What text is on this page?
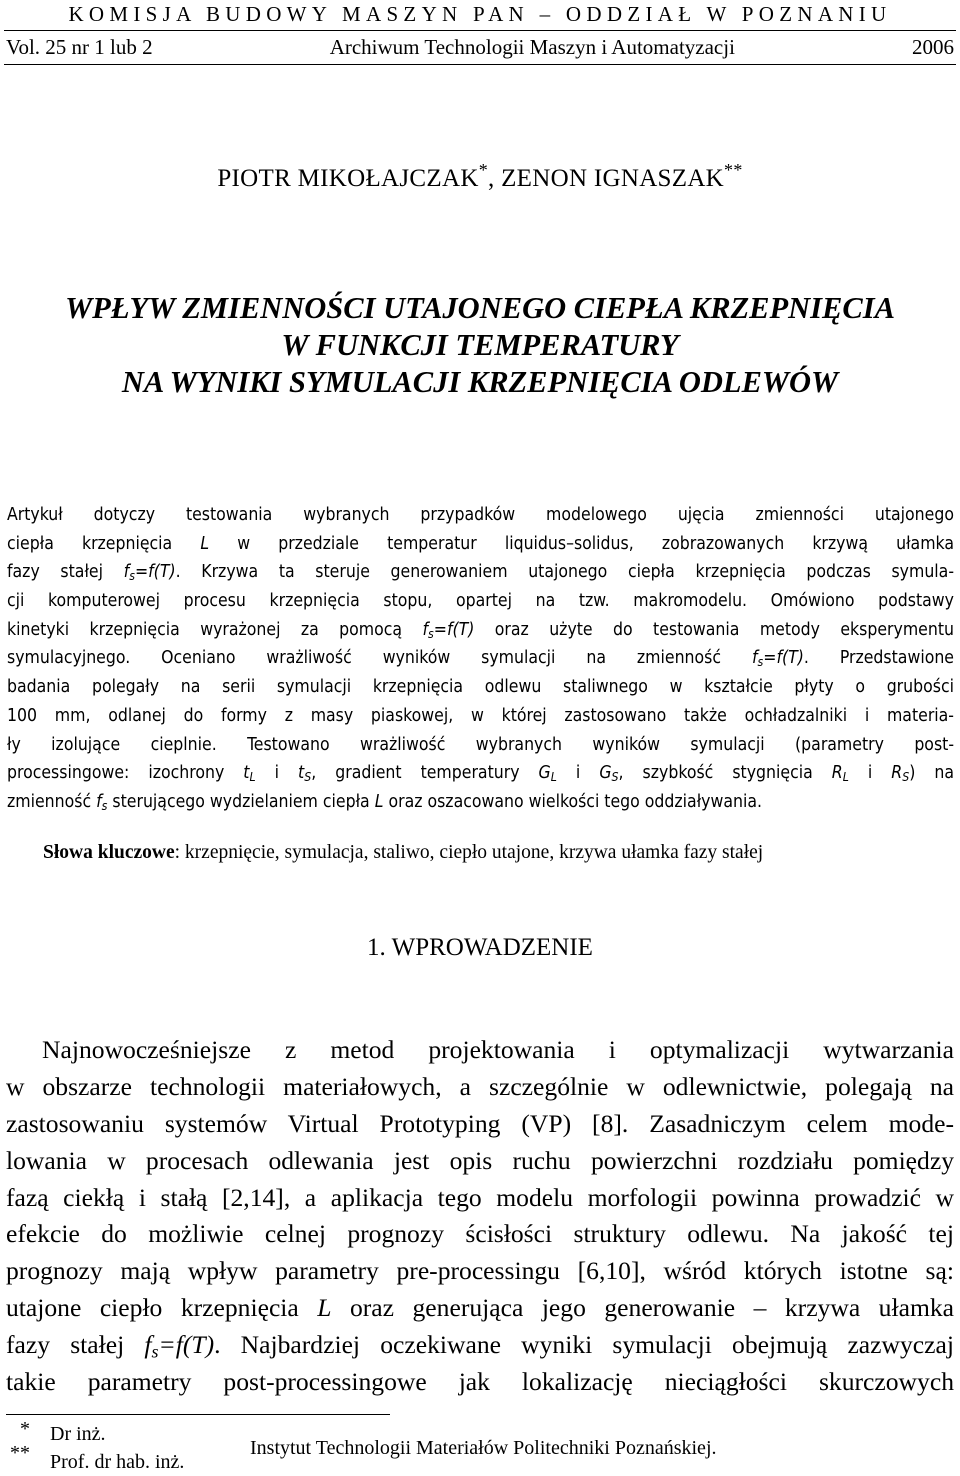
KOMISJA BUDOWY MASZYN PAN – ODDZIAŁ W POZNANIU
Vol. 25 nr 1 lub 2	Archiwum Technologii Maszyn i Automatyzacji	2006
PIOTR MIKOŁAJCZAK*, ZENON IGNASZAK**
WPŁYW ZMIENNOŚCI UTAJONEGO CIEPŁA KRZEPNIĘCIA
W FUNKCJI TEMPERATURY
NA WYNIKI SYMULACJI KRZEPNIĘCIA ODLEWÓW
Artykuł dotyczy testowania wybranych przypadków modelowego ujęcia zmienności utajonego
ciepła krzepnięcia L w przedziale temperatur liquidus–solidus, zobrazowanych krzywą ułamka
fazy stałej $f_s=f(T)$. Krzywa ta steruje generowaniem utajonego ciepła krzepnięcia podczas symula-
cji komputerowej procesu krzepnięcia stopu, opartej na tzw. makromodelu. Omówiono podstawy
kinetyki krzepnięcia wyrażonej za pomocą $f_s=f(T)$ oraz użyte do testowania metody eksperymentu
symulacyjnego. Oceniano wrażliwość wyników symulacji na zmienność $f_s=f(T)$. Przedstawione
badania polegały na serii symulacji krzepnięcia odlewu staliwnego w kształcie płyty o grubości
100 mm, odlanej do formy z masy piaskowej, w której zastosowano także ochładzalniki i materia-
ły izolujące cieplnie. Testowano wrażliwość wybranych wyników symulacji (parametry post-
processingowe: izochrony $t_L$ i $t_S$, gradient temperatury $G_L$ i $G_S$, szybkość stygnięcia $R_L$ i $R_S$) na
zmienność $f_s$ sterującego wydzielaniem ciepła L oraz oszacowano wielkości tego oddziaływania.
Słowa kluczowe: krzepnięcie, symulacja, staliwo, ciepło utajone, krzywa ułamka fazy stałej
1. WPROWADZENIE
Najnowocześniejsze z metod projektowania i optymalizacji wytwarzania
w obszarze technologii materiałowych, a szczególnie w odlewnictwie, polegają na
zastosowaniu systemów Virtual Prototyping (VP) [8]. Zasadniczym celem mode-
lowania w procesach odlewania jest opis ruchu powierzchni rozdziału pomiędzy
fazą ciekłą i stałą [2,14], a aplikacja tego modelu morfologii powinna prowadzić w
efekcie do możliwie celnej prognozy ścisłości struktury odlewu. Na jakość tej
prognozy mają wpływ parametry pre-processingu [6,10], wśród których istotne są:
utajone ciepło krzepnięcia L oraz generująca jego generowanie – krzywa ułamka
fazy stałej $f_s=f(T)$. Najbardziej oczekiwane wyniki symulacji obejmują zazwyczaj
takie parametry post-processingowe jak lokalizację nieciągłości skurczowych
* Dr inż.
** Prof. dr hab. inż.
Instytut Technologii Materiałów Politechniki Poznańskiej.
